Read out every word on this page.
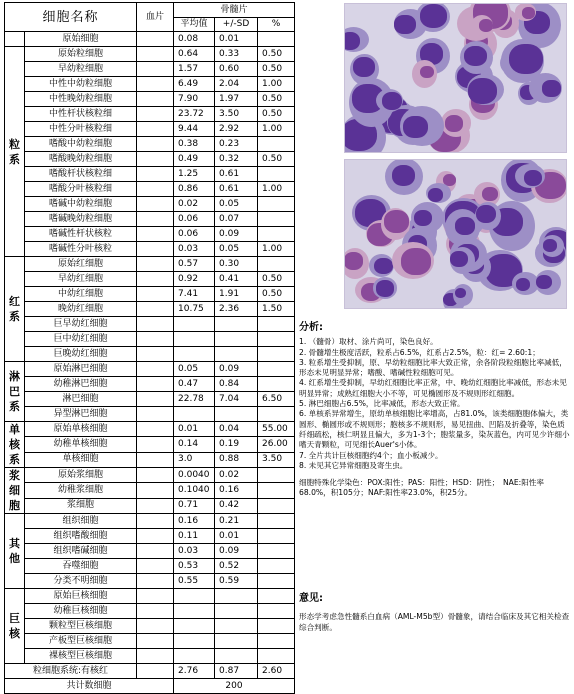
细胞名称		血片	骨髓片		
			平均值	+/-SD	%
	原始细胞		0.08	0.01	
粒系	原始粒细胞		0.64	0.33	0.50
	早幼粒细胞		1.57	0.60	0.50
	中性中幼粒细胞		6.49	2.04	1.00
	中性晚幼粒细胞		7.90	1.97	0.50
	中性杆状核粒细		23.72	3.50	0.50
	中性分叶核粒细		9.44	2.92	1.00
	嗜酸中幼粒细胞		0.38	0.23	
	嗜酸晚幼粒细胞		0.49	0.32	0.50
	嗜酸杆状核粒细		1.25	0.61	
	嗜酸分叶核粒细		0.86	0.61	1.00
	嗜碱中幼粒细胞		0.02	0.05	
	嗜碱晚幼粒细胞		0.06	0.07	
	嗜碱性杆状核粒		0.06	0.09	
	嗜碱性分叶核粒		0.03	0.05	1.00
红系	原始红细胞		0.57	0.30	
	早幼红细胞		0.92	0.41	0.50
	中幼红细胞		7.41	1.91	0.50
	晚幼红细胞		10.75	2.36	1.50
	巨早幼红细胞				
	巨中幼红细胞				
	巨晚幼红细胞				
淋巴系	原始淋巴细胞		0.05	0.09	
	幼稚淋巴细胞		0.47	0.84	
	淋巴细胞		22.78	7.04	6.50
	异型淋巴细胞				
单核系	原始单核细胞		0.01	0.04	55.00
	幼稚单核细胞		0.14	0.19	26.00
	单核细胞		3.0	0.88	3.50
浆细胞	原始浆细胞		0.0040	0.02	
	幼稚浆细胞		0.1040	0.16	
	浆细胞		0.71	0.42	
其他	组织细胞		0.16	0.21	
	组织嗜酸细胞		0.11	0.01	
	组织嗜碱细胞		0.03	0.09	
	吞噬细胞		0.53	0.52	
	分类不明细胞		0.55	0.59	
巨核	原始巨核细胞				
	幼稚巨核细胞				
	颗粒型巨核细胞				
	产板型巨核细胞				
	裸核型巨核细胞				
粒细胞系统:有核红			2.76	0.87	2.60
共计数细胞			200		
分析:

1. （髓骨）取材、涂片尚可，染色良好。

2. 骨髓增生极度活跃，粒系占6.5%，红系占2.5%，粒：红= 2.60:1；

3. 粒系增生受抑制，原、早幼粒细胞比率大致正常，余各阶段粒细胞比率减低，形态未见明显异常；嗜酸、嗜碱性粒细胞可见。

4. 红系增生受抑制，早幼红细胞比率正常，中、晚幼红细胞比率减低，形态未见明显异常；成熟红细胞大小不等，可见椭圆形及不规则形红细胞。

5. 淋巴细胞占6.5%，比率减低，形态大致正常。

6. 单核系异常增生，原幼单核细胞比率增高，占81.0%，该类细胞胞体偏大，类圆形、椭圆形或不规则形；胞核多不规则形，易见扭曲、凹陷及折叠等，染色质纤细疏松，核仁明显且偏大，多为1-3个；胞浆量多，染灰蓝色，内可见少许细小嗜天青颗粒，可见细长Auer's小体。

7. 全片共计巨核细胞约4个；血小板减少。

8. 未见其它异常细胞及寄生虫。

细胞特殊化学染色：POX:阳性；PAS：阳性；HSD：阴性；　NAE:阳性率68.0%，积105分；NAF:阳性率23.0%，积25分。

意见:

形态学考虑急性髓系白血病（AML-M5b型）骨髓象，请结合临床及其它相关检查综合判断。
